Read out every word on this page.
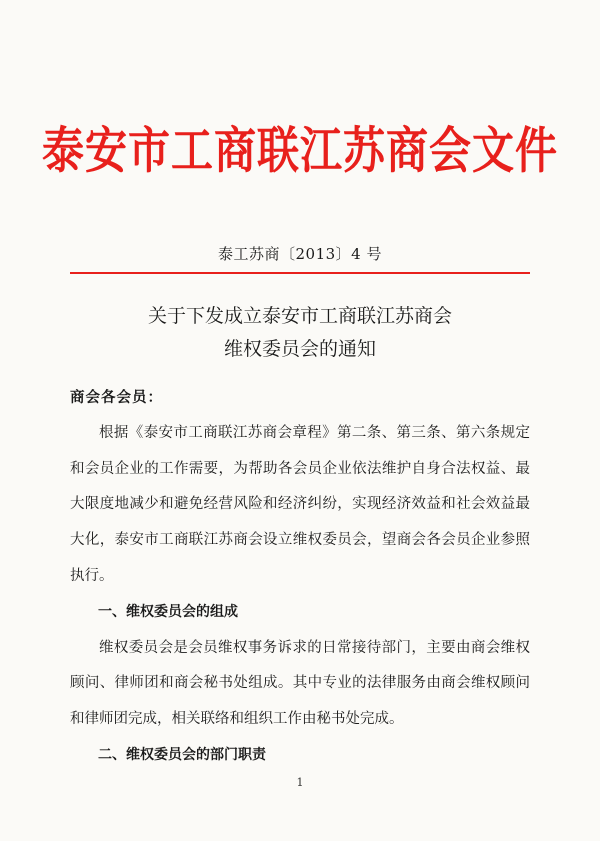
泰安市工商联江苏商会文件
泰工苏商〔2013〕4 号
关于下发成立泰安市工商联江苏商会
维权委员会的通知

商会各会员：

根据《泰安市工商联江苏商会章程》第二条、第三条、第六条规定和会员企业的工作需要，为帮助各会员企业依法维护自身合法权益、最大限度地减少和避免经营风险和经济纠纷，实现经济效益和社会效益最大化，泰安市工商联江苏商会设立维权委员会，望商会各会员企业参照执行。

一、维权委员会的组成

维权委员会是会员维权事务诉求的日常接待部门，主要由商会维权顾问、律师团和商会秘书处组成。其中专业的法律服务由商会维权顾问和律师团完成，相关联络和组织工作由秘书处完成。

二、维权委员会的部门职责

1
